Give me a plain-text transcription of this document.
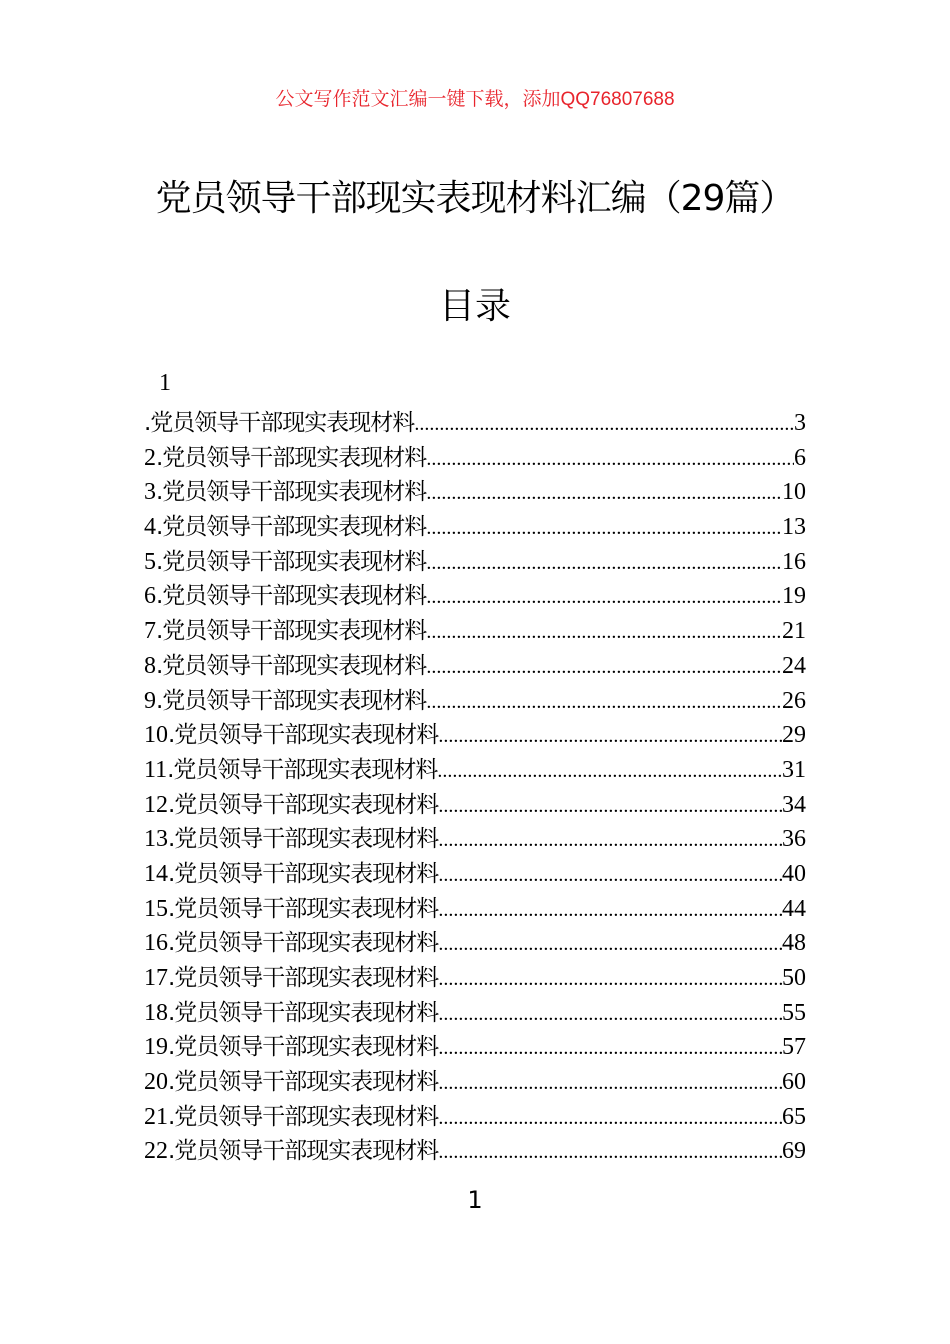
公文写作范文汇编一键下载，添加QQ76807688
党员领导干部现实表现材料汇编（29篇）
目录
1
.党员领导干部现实表现材料 .....	3
2 .党员领导干部现实表现材料 .....	6
3 .党员领导干部现实表现材料 .....	10
4 .党员领导干部现实表现材料 .....	13
5 .党员领导干部现实表现材料 .....	16
6 .党员领导干部现实表现材料 .....	19
7 .党员领导干部现实表现材料 .....	21
8 .党员领导干部现实表现材料 .....	24
9 .党员领导干部现实表现材料 .....	26
10 .党员领导干部现实表现材料 .....	29
11 .党员领导干部现实表现材料 .....	31
12 .党员领导干部现实表现材料 .....	34
13 .党员领导干部现实表现材料 .....	36
14 .党员领导干部现实表现材料 .....	40
15 .党员领导干部现实表现材料 .....	44
16 .党员领导干部现实表现材料 .....	48
17 .党员领导干部现实表现材料 .....	50
18 .党员领导干部现实表现材料 .....	55
19 .党员领导干部现实表现材料 .....	57
20 .党员领导干部现实表现材料 .....	60
21 .党员领导干部现实表现材料 .....	65
22 .党员领导干部现实表现材料 .....	69
1
